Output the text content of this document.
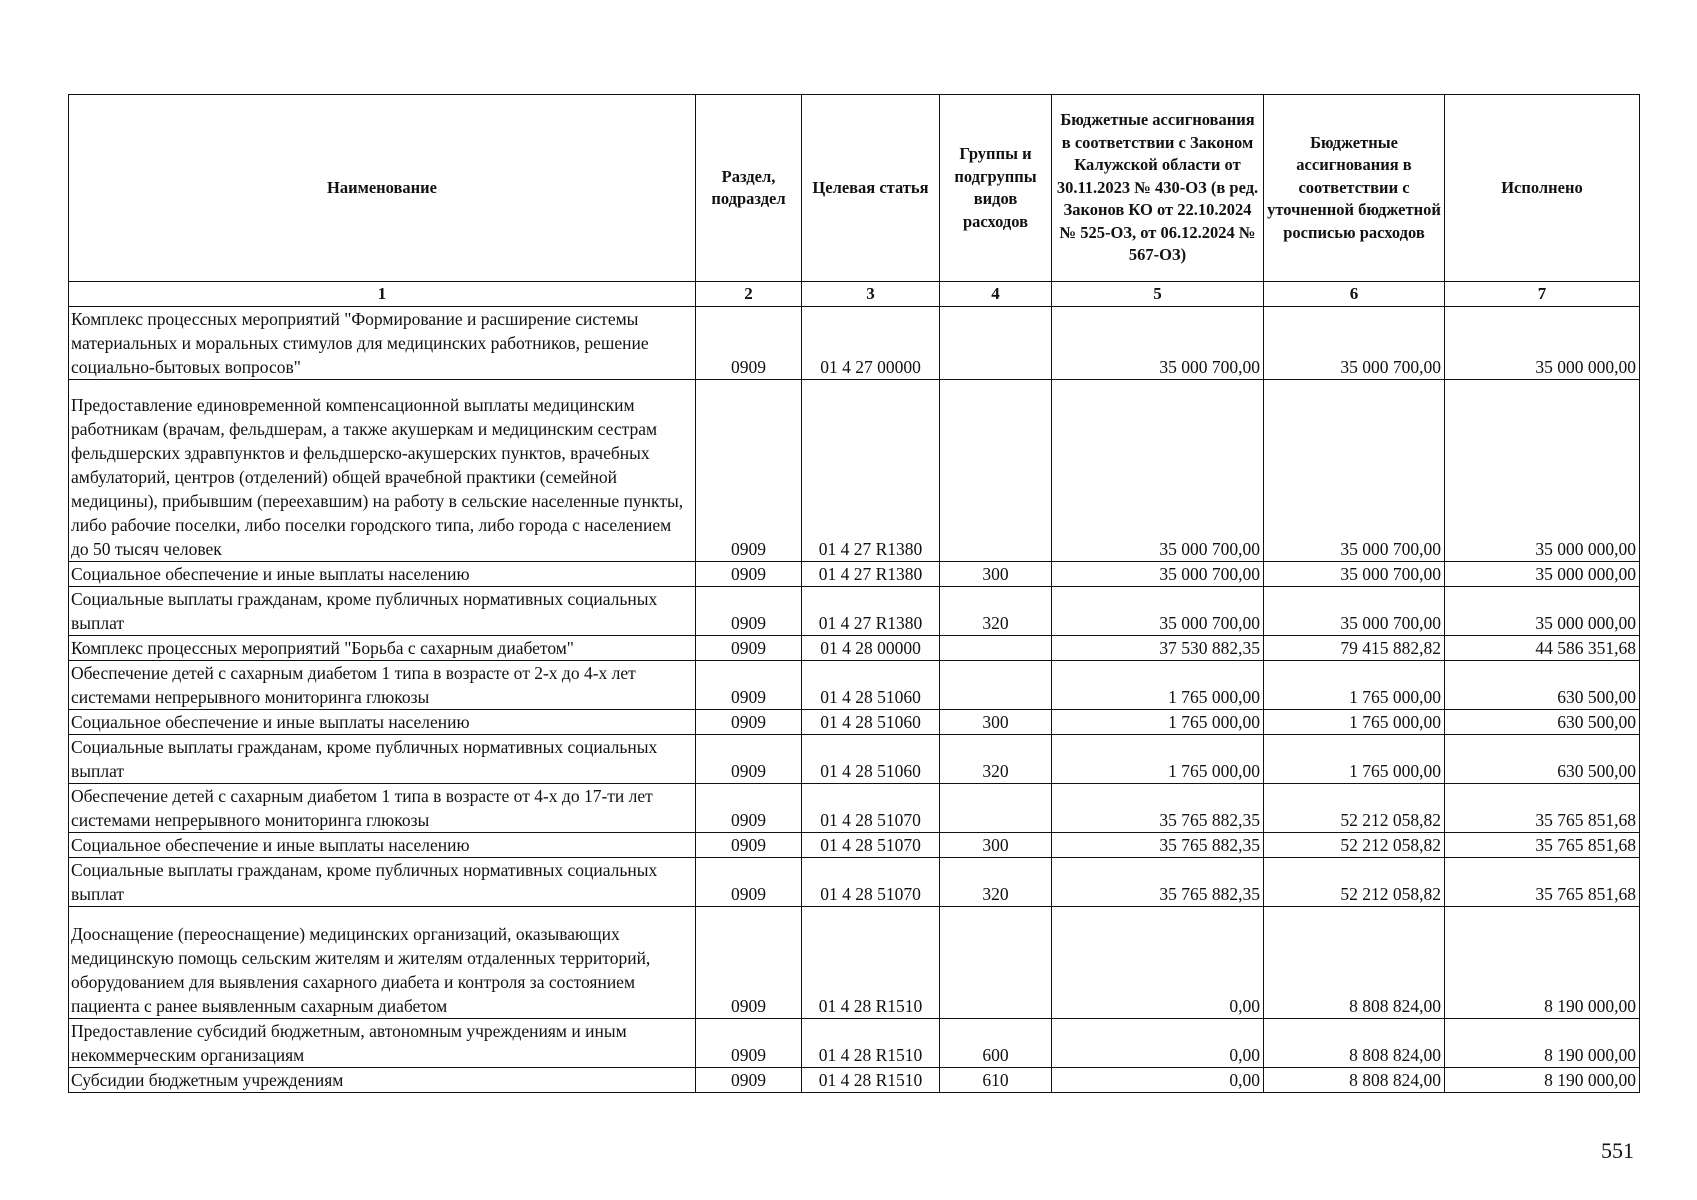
Наименование	Раздел, подраздел	Целевая статья	Группы и подгруппы видов расходов	Бюджетные ассигнования в соответствии с Законом Калужской области от 30.11.2023 № 430-ОЗ (в ред. Законов КО от 22.10.2024 № 525-ОЗ, от 06.12.2024 № 567-ОЗ)	Бюджетные ассигнования в соответствии с уточненной бюджетной росписью расходов	Исполнено
1	2	3	4	5	6	7
Комплекс процессных мероприятий "Формирование и расширение системы материальных и моральных стимулов для медицинских работников, решение социально-бытовых вопросов"	0909	01 4 27 00000		35 000 700,00	35 000 700,00	35 000 000,00
Предоставление единовременной компенсационной выплаты медицинским работникам (врачам, фельдшерам, а также акушеркам и медицинским сестрам фельдшерских здравпунктов и фельдшерско-акушерских пунктов, врачебных амбулаторий, центров (отделений) общей врачебной практики (семейной медицины), прибывшим (переехавшим) на работу в сельские населенные пункты, либо рабочие поселки, либо поселки городского типа, либо города с населением до 50 тысяч человек	0909	01 4 27 R1380		35 000 700,00	35 000 700,00	35 000 000,00
Социальное обеспечение и иные выплаты населению	0909	01 4 27 R1380	300	35 000 700,00	35 000 700,00	35 000 000,00
Социальные выплаты гражданам, кроме публичных нормативных социальных выплат	0909	01 4 27 R1380	320	35 000 700,00	35 000 700,00	35 000 000,00
Комплекс процессных мероприятий "Борьба с сахарным диабетом"	0909	01 4 28 00000		37 530 882,35	79 415 882,82	44 586 351,68
Обеспечение детей с сахарным диабетом 1 типа в возрасте от 2-х до 4-х лет системами непрерывного мониторинга глюкозы	0909	01 4 28 51060		1 765 000,00	1 765 000,00	630 500,00
Социальное обеспечение и иные выплаты населению	0909	01 4 28 51060	300	1 765 000,00	1 765 000,00	630 500,00
Социальные выплаты гражданам, кроме публичных нормативных социальных выплат	0909	01 4 28 51060	320	1 765 000,00	1 765 000,00	630 500,00
Обеспечение детей с сахарным диабетом 1 типа в возрасте от 4-х до 17-ти лет системами непрерывного мониторинга глюкозы	0909	01 4 28 51070		35 765 882,35	52 212 058,82	35 765 851,68
Социальное обеспечение и иные выплаты населению	0909	01 4 28 51070	300	35 765 882,35	52 212 058,82	35 765 851,68
Социальные выплаты гражданам, кроме публичных нормативных социальных выплат	0909	01 4 28 51070	320	35 765 882,35	52 212 058,82	35 765 851,68
Дооснащение (переоснащение) медицинских организаций, оказывающих медицинскую помощь сельским жителям и жителям отдаленных территорий, оборудованием для выявления сахарного диабета и контроля за состоянием пациента с ранее выявленным сахарным диабетом	0909	01 4 28 R1510		0,00	8 808 824,00	8 190 000,00
Предоставление субсидий бюджетным, автономным учреждениям и иным некоммерческим организациям	0909	01 4 28 R1510	600	0,00	8 808 824,00	8 190 000,00
Субсидии бюджетным учреждениям	0909	01 4 28 R1510	610	0,00	8 808 824,00	8 190 000,00
551
